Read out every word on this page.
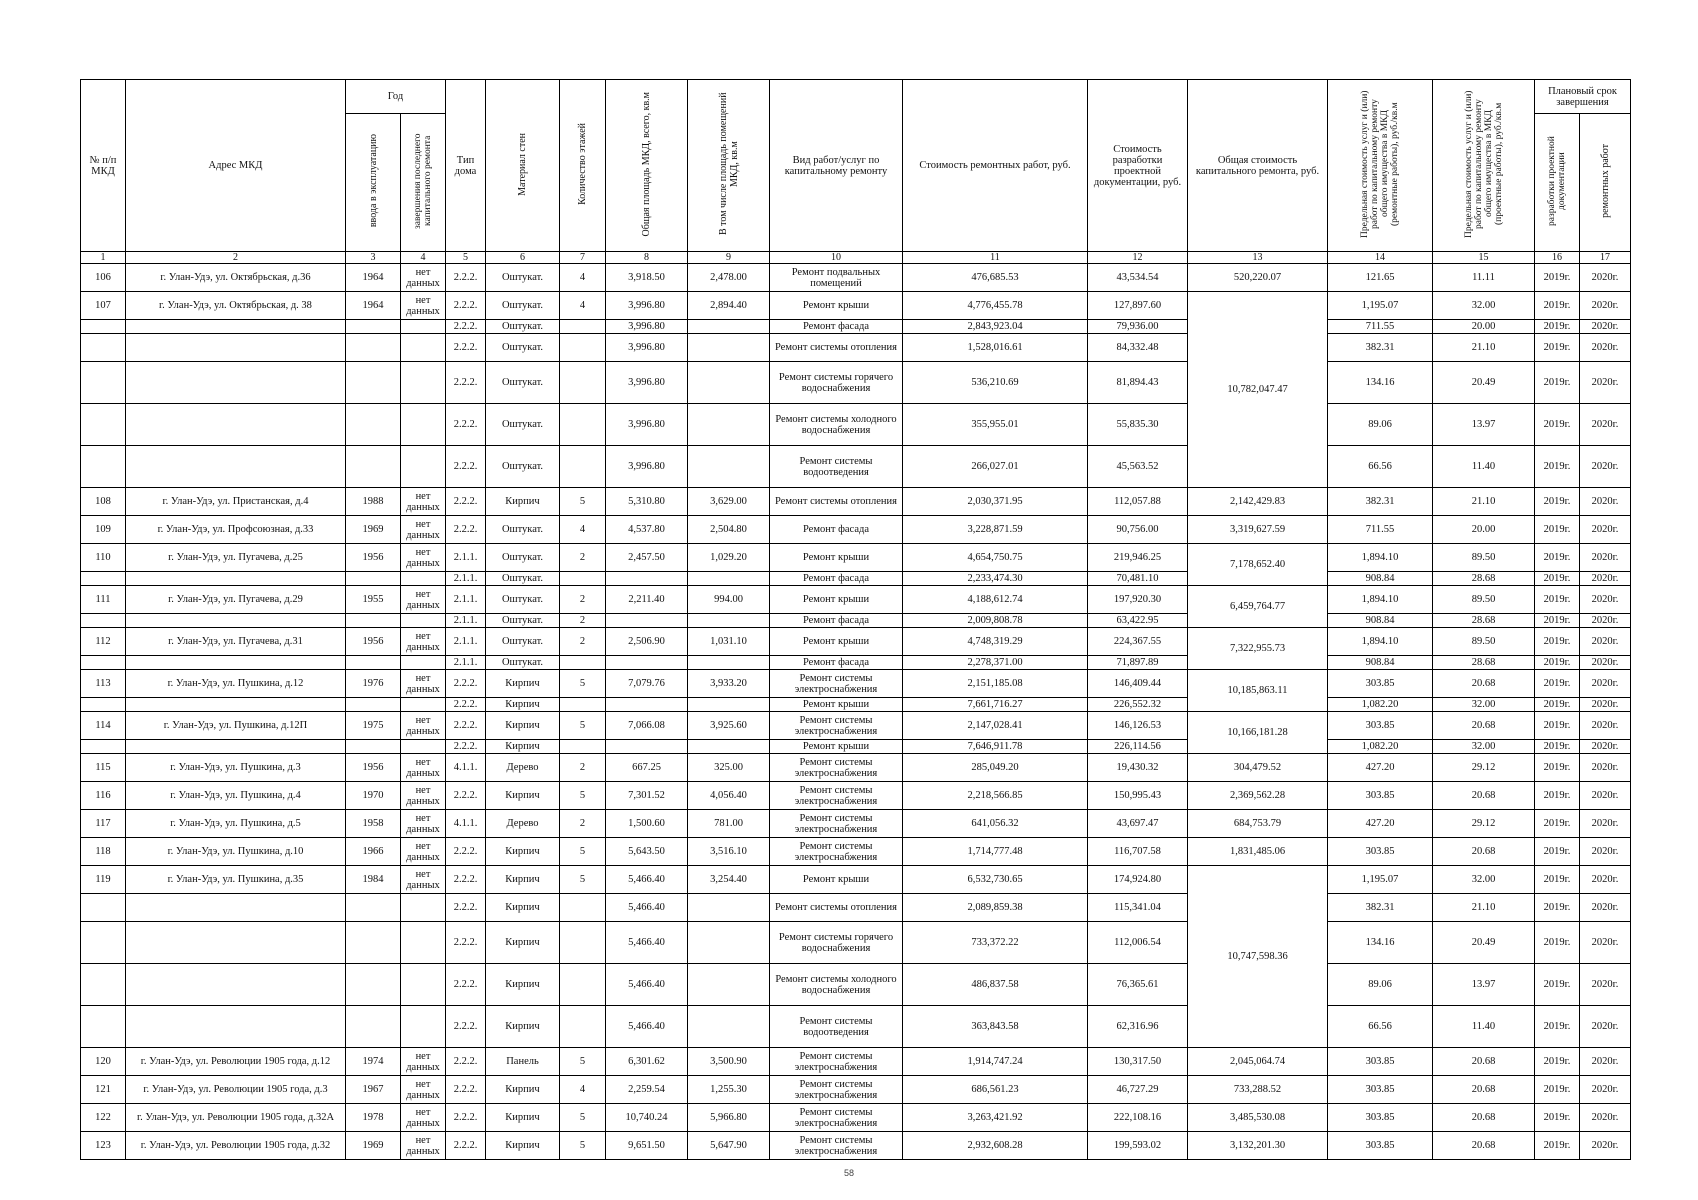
№ п/п МКД	Адрес МКД	Год		Тип дома	Материал стен	Количество этажей	Общая площадь МКД, всего, кв.м	В том числе площадь помещений МКД, кв.м	Вид работ/услуг по капитальному ремонту	Стоимость ремонтных работ, руб.	Стоимость разработки проектной документации, руб.	Общая стоимость капитального ремонта, руб.	Предельная стоимость услуг и (или) работ по капитальному ремонту общего имущества в МКД (ремонтные работы), руб./кв.м	Предельная стоимость услуг и (или) работ по капитальному ремонту общего имущества в МКД (проектные работы), руб./кв.м	Плановый срок завершения	
		ввода в эксплуатацию	завершения последнего капитального ремонта												разработки проектной документации	ремонтных работ
1	2	3	4	5	6	7	8	9	10	11	12	13	14	15	16	17
106	г. Улан-Удэ, ул. Октябрьская, д.36	1964	нет данных	2.2.2.	Оштукат.	4	3,918.50	2,478.00	Ремонт подвальных помещений	476,685.53	43,534.54	520,220.07	121.65	11.11	2019г.	2020г.
107	г. Улан-Удэ, ул. Октябрьская, д. 38	1964	нет данных	2.2.2.	Оштукат.	4	3,996.80	2,894.40	Ремонт крыши	4,776,455.78	127,897.60	10,782,047.47	1,195.07	32.00	2019г.	2020г.
				2.2.2.	Оштукат.		3,996.80		Ремонт фасада	2,843,923.04	79,936.00		711.55	20.00	2019г.	2020г.
				2.2.2.	Оштукат.		3,996.80		Ремонт системы отопления	1,528,016.61	84,332.48		382.31	21.10	2019г.	2020г.
				2.2.2.	Оштукат.		3,996.80		Ремонт системы горячего водоснабжения	536,210.69	81,894.43		134.16	20.49	2019г.	2020г.
				2.2.2.	Оштукат.		3,996.80		Ремонт системы холодного водоснабжения	355,955.01	55,835.30		89.06	13.97	2019г.	2020г.
				2.2.2.	Оштукат.		3,996.80		Ремонт системы водоотведения	266,027.01	45,563.52		66.56	11.40	2019г.	2020г.
108	г. Улан-Удэ, ул. Пристанская, д.4	1988	нет данных	2.2.2.	Кирпич	5	5,310.80	3,629.00	Ремонт системы отопления	2,030,371.95	112,057.88	2,142,429.83	382.31	21.10	2019г.	2020г.
109	г. Улан-Удэ, ул. Профсоюзная, д.33	1969	нет данных	2.2.2.	Оштукат.	4	4,537.80	2,504.80	Ремонт фасада	3,228,871.59	90,756.00	3,319,627.59	711.55	20.00	2019г.	2020г.
110	г. Улан-Удэ, ул. Пугачева, д.25	1956	нет данных	2.1.1.	Оштукат.	2	2,457.50	1,029.20	Ремонт крыши	4,654,750.75	219,946.25	7,178,652.40	1,894.10	89.50	2019г.	2020г.
				2.1.1.	Оштукат.				Ремонт фасада	2,233,474.30	70,481.10		908.84	28.68	2019г.	2020г.
111	г. Улан-Удэ, ул. Пугачева, д.29	1955	нет данных	2.1.1.	Оштукат.	2	2,211.40	994.00	Ремонт крыши	4,188,612.74	197,920.30	6,459,764.77	1,894.10	89.50	2019г.	2020г.
				2.1.1.	Оштукат.	2			Ремонт фасада	2,009,808.78	63,422.95		908.84	28.68	2019г.	2020г.
112	г. Улан-Удэ, ул. Пугачева, д.31	1956	нет данных	2.1.1.	Оштукат.	2	2,506.90	1,031.10	Ремонт крыши	4,748,319.29	224,367.55	7,322,955.73	1,894.10	89.50	2019г.	2020г.
				2.1.1.	Оштукат.				Ремонт фасада	2,278,371.00	71,897.89		908.84	28.68	2019г.	2020г.
113	г. Улан-Удэ, ул. Пушкина, д.12	1976	нет данных	2.2.2.	Кирпич	5	7,079.76	3,933.20	Ремонт системы электроснабжения	2,151,185.08	146,409.44	10,185,863.11	303.85	20.68	2019г.	2020г.
				2.2.2.	Кирпич				Ремонт крыши	7,661,716.27	226,552.32		1,082.20	32.00	2019г.	2020г.
114	г. Улан-Удэ, ул. Пушкина, д.12П	1975	нет данных	2.2.2.	Кирпич	5	7,066.08	3,925.60	Ремонт системы электроснабжения	2,147,028.41	146,126.53	10,166,181.28	303.85	20.68	2019г.	2020г.
				2.2.2.	Кирпич				Ремонт крыши	7,646,911.78	226,114.56		1,082.20	32.00	2019г.	2020г.
115	г. Улан-Удэ, ул. Пушкина, д.3	1956	нет данных	4.1.1.	Дерево	2	667.25	325.00	Ремонт системы электроснабжения	285,049.20	19,430.32	304,479.52	427.20	29.12	2019г.	2020г.
116	г. Улан-Удэ, ул. Пушкина, д.4	1970	нет данных	2.2.2.	Кирпич	5	7,301.52	4,056.40	Ремонт системы электроснабжения	2,218,566.85	150,995.43	2,369,562.28	303.85	20.68	2019г.	2020г.
117	г. Улан-Удэ, ул. Пушкина, д.5	1958	нет данных	4.1.1.	Дерево	2	1,500.60	781.00	Ремонт системы электроснабжения	641,056.32	43,697.47	684,753.79	427.20	29.12	2019г.	2020г.
118	г. Улан-Удэ, ул. Пушкина, д.10	1966	нет данных	2.2.2.	Кирпич	5	5,643.50	3,516.10	Ремонт системы электроснабжения	1,714,777.48	116,707.58	1,831,485.06	303.85	20.68	2019г.	2020г.
119	г. Улан-Удэ, ул. Пушкина, д.35	1984	нет данных	2.2.2.	Кирпич	5	5,466.40	3,254.40	Ремонт крыши	6,532,730.65	174,924.80	10,747,598.36	1,195.07	32.00	2019г.	2020г.
				2.2.2.	Кирпич		5,466.40		Ремонт системы отопления	2,089,859.38	115,341.04		382.31	21.10	2019г.	2020г.
				2.2.2.	Кирпич		5,466.40		Ремонт системы горячего водоснабжения	733,372.22	112,006.54		134.16	20.49	2019г.	2020г.
				2.2.2.	Кирпич		5,466.40		Ремонт системы холодного водоснабжения	486,837.58	76,365.61		89.06	13.97	2019г.	2020г.
				2.2.2.	Кирпич		5,466.40		Ремонт системы водоотведения	363,843.58	62,316.96		66.56	11.40	2019г.	2020г.
120	г. Улан-Удэ, ул. Революции 1905 года, д.12	1974	нет данных	2.2.2.	Панель	5	6,301.62	3,500.90	Ремонт системы электроснабжения	1,914,747.24	130,317.50	2,045,064.74	303.85	20.68	2019г.	2020г.
121	г. Улан-Удэ, ул. Революции 1905 года, д.3	1967	нет данных	2.2.2.	Кирпич	4	2,259.54	1,255.30	Ремонт системы электроснабжения	686,561.23	46,727.29	733,288.52	303.85	20.68	2019г.	2020г.
122	г. Улан-Удэ, ул. Революции 1905 года, д.32А	1978	нет данных	2.2.2.	Кирпич	5	10,740.24	5,966.80	Ремонт системы электроснабжения	3,263,421.92	222,108.16	3,485,530.08	303.85	20.68	2019г.	2020г.
123	г. Улан-Удэ, ул. Революции 1905 года, д.32	1969	нет данных	2.2.2.	Кирпич	5	9,651.50	5,647.90	Ремонт системы электроснабжения	2,932,608.28	199,593.02	3,132,201.30	303.85	20.68	2019г.	2020г.
58
